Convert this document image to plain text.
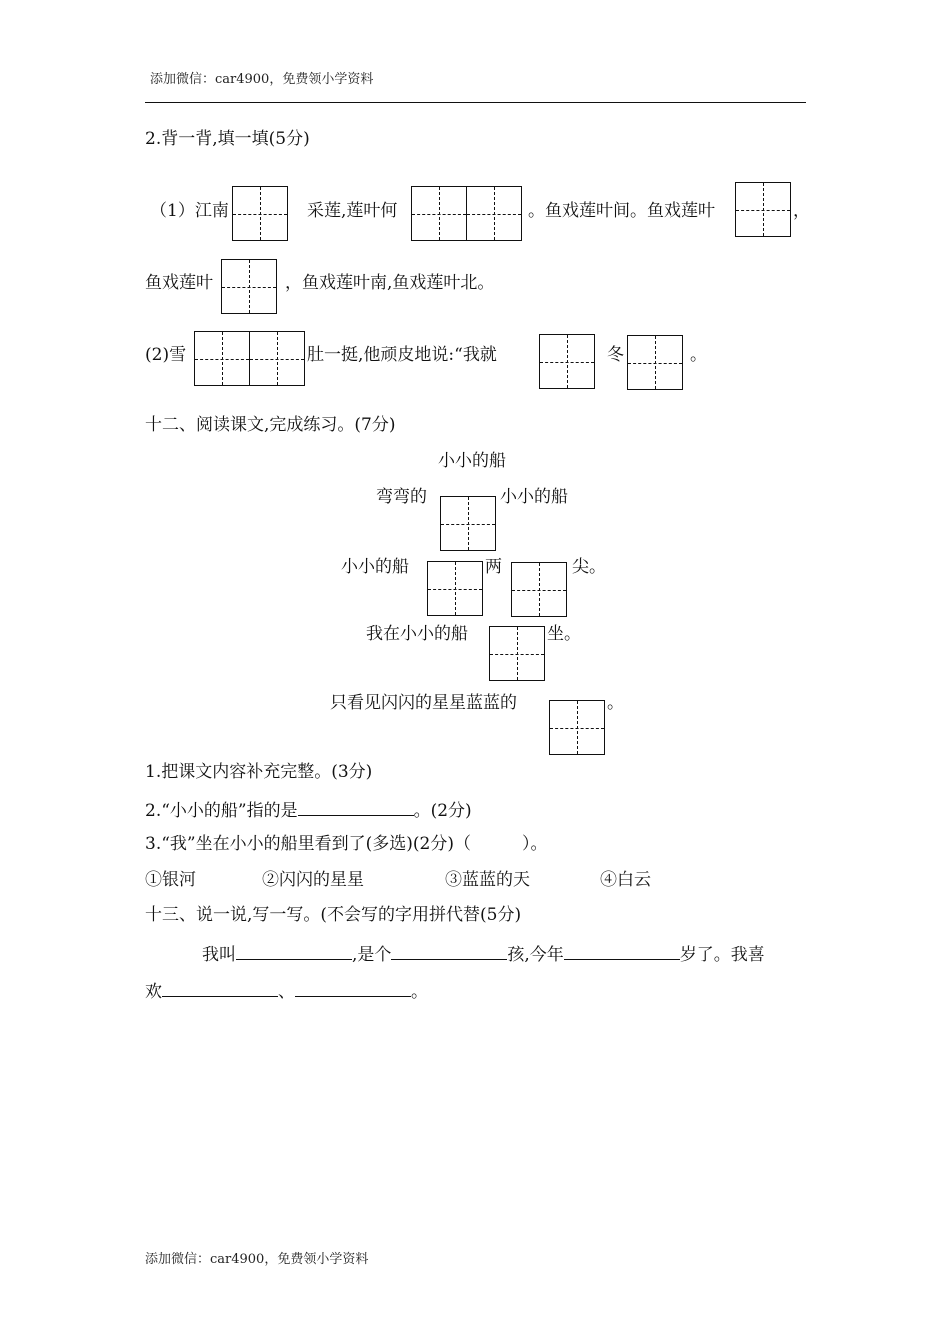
添加微信：car4900，免费领小学资料
2.背一背,填一填(5分)
（1）江南	采莲,莲叶何	。鱼戏莲叶间。鱼戏莲叶	，
鱼戏莲叶	，鱼戏莲叶南,鱼戏莲叶北。
(2)雪	肚一挺,他顽皮地说:“我就	冬	。
十二、阅读课文,完成练习。(7分)
小小的船
弯弯的	小小的船
小小的船	两	尖。
我在小小的船	坐。
只看见闪闪的星星蓝蓝的	。
1.把课文内容补充完整。(3分)
2.“小小的船”指的是	。(2分)
3.“我”坐在小小的船里看到了(多选)(2分)（　　　）。
①银河	②闪闪的星星	③蓝蓝的天	④白云
十三、说一说,写一写。(不会写的字用拼代替(5分)
我叫	,是个	孩,今年	岁了。我喜
欢	、	。
添加微信：car4900，免费领小学资料
